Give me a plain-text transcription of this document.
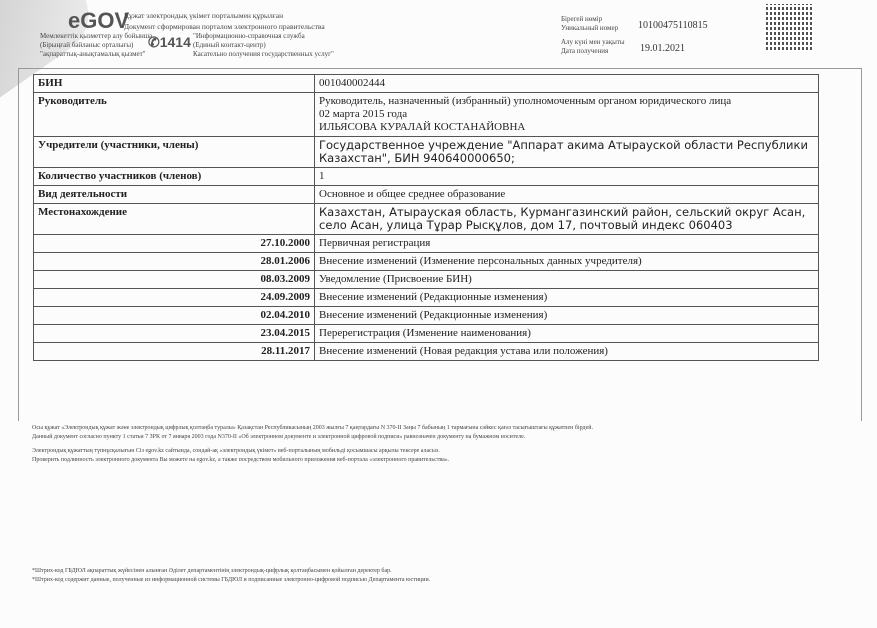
eGOV
Құжат электрондық үкімет порталымен құрылған
Документ сформирован порталом электронного правительства
Мемлекеттік қызметтер алу бойынша
(Бірыңғай байланыс орталығы)
"ақпараттық-анықтамалық қызмет"
✆1414 "Информационно-справочная служба
(Единый контакт-центр)
Касательно получения государственных услуг"
Бірегей нөмір
Уникальный номер 10100475110815
Алу күні мен уақыты
Дата получения	19.01.2021
БИН	001040002444
Руководитель	Руководитель, назначенный (избранный) уполномоченным органом юридического лица
02 марта 2015 года
ИЛЬЯСОВА КУРАЛАЙ КОСТАНАЙОВНА
Учредители (участники, члены)	Государственное учреждение "Аппарат акима Атырауской области Республики Казахстан", БИН 940640000650;
Количество участников (членов)	1
Вид деятельности	Основное и общее среднее образование
Местонахождение	Казахстан, Атырауская область, Курмангазинский район, сельский округ Асан, село Асан, улица Тұрар Рысқұлов, дом 17, почтовый индекс 060403
27.10.2000	Первичная регистрация
28.01.2006	Внесение изменений (Изменение персональных данных учредителя)
08.03.2009	Уведомление (Присвоение БИН)
24.09.2009	Внесение изменений (Редакционные изменения)
02.04.2010	Внесение изменений (Редакционные изменения)
23.04.2015	Перерегистрация (Изменение наименования)
28.11.2017	Внесение изменений (Новая редакция устава или положения)
Осы құжат «Электрондық құжат және электрондық цифрлық қолтаңба туралы» Қазақстан Республикасының 2003 жылғы 7 қаңтардағы N 370-II Заңы 7 бабының 1 тармағына сәйкес қағаз тасығыштағы құжатпен бірдей.
Данный документ согласно пункту 1 статьи 7 ЗРК от 7 января 2003 года N370-II «Об электронном документе и электронной цифровой подписи» равнозначен документу на бумажном носителе.
Электрондық құжаттың түпнұсқалығын Сіз egov.kz сайтында, сондай-ақ «электрондық үкімет» веб-порталының мобильді қосымшасы арқылы тексере аласыз.
Проверить подлинность электронного документа Вы можете на egov.kz, а также посредством мобильного приложения веб-портала «электронного правительства».
*Штрих-код ГБДЮЛ ақпараттық жүйесінен алынған Әділет департаментінің электрондық-цифрлық қолтаңбасымен қойылған деректер бар.
*Штрих-код содержит данные, полученные из информационной системы ГБДЮЛ и подписанные электронно-цифровой подписью Департамента юстиции.
